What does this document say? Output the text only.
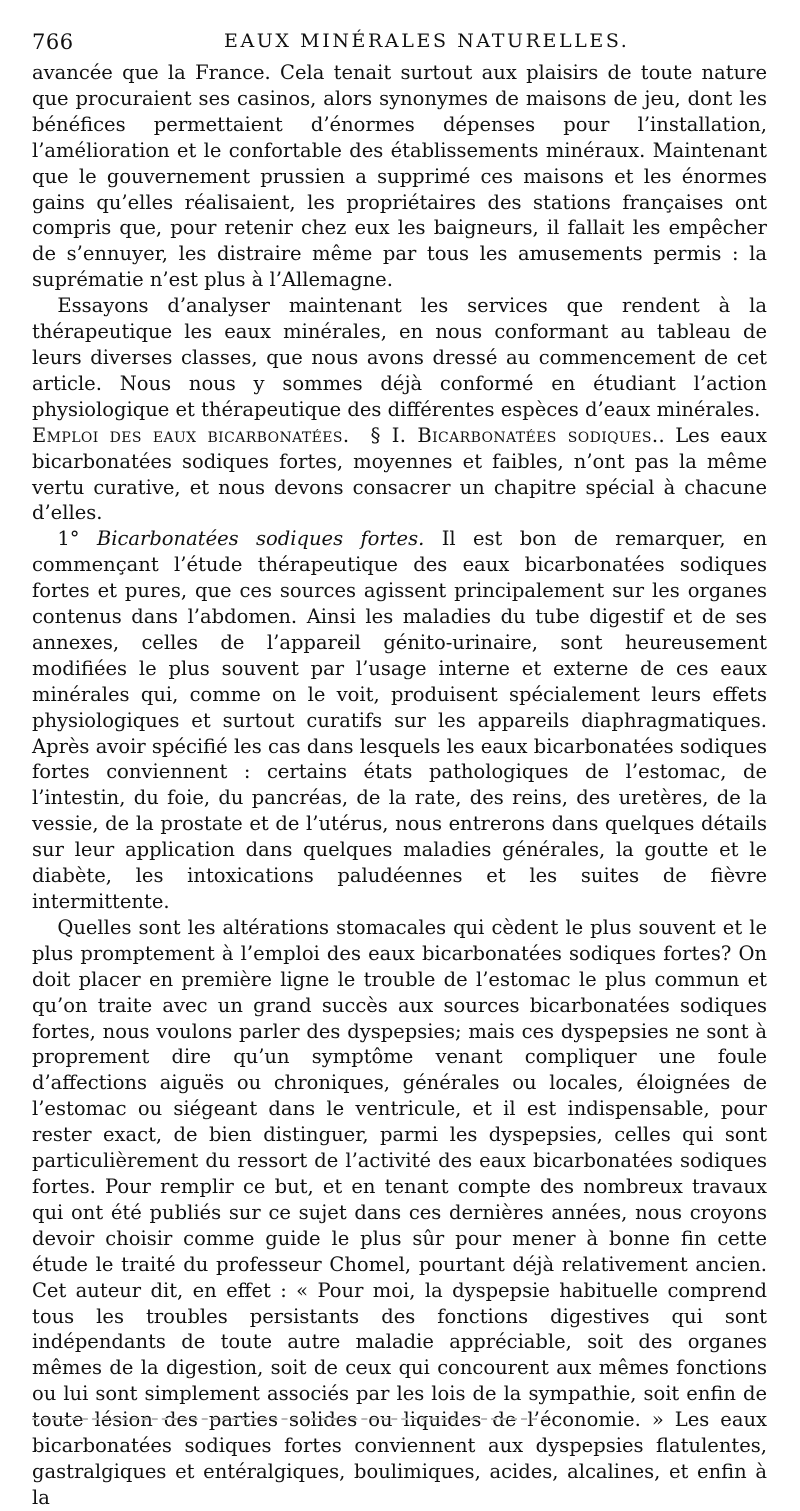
766	EAUX MINÉRALES NATURELLES.

avancée que la France. Cela tenait surtout aux plaisirs de toute nature que procuraient ses casinos, alors synonymes de maisons de jeu, dont les bénéfices permettaient d’énormes dépenses pour l’installation, l’amélioration et le confortable des établissements minéraux. Maintenant que le gouvernement prussien a supprimé ces maisons et les énormes gains qu’elles réalisaient, les propriétaires des stations françaises ont compris que, pour retenir chez eux les baigneurs, il fallait les empêcher de s’ennuyer, les distraire même par tous les amusements permis : la suprématie n’est plus à l’Allemagne.

Essayons d’analyser maintenant les services que rendent à la thérapeutique les eaux minérales, en nous conformant au tableau de leurs diverses classes, que nous avons dressé au commencement de cet article. Nous nous y sommes déjà conformé en étudiant l’action physiologique et thérapeutique des différentes espèces d’eaux minérales.

Emploi des eaux bicarbonatées. § I. Bicarbonatées sodiques.. Les eaux bicarbonatées sodiques fortes, moyennes et faibles, n’ont pas la même vertu curative, et nous devons consacrer un chapitre spécial à chacune d’elles.

1° Bicarbonatées sodiques fortes. Il est bon de remarquer, en commençant l’étude thérapeutique des eaux bicarbonatées sodiques fortes et pures, que ces sources agissent principalement sur les organes contenus dans l’abdomen. Ainsi les maladies du tube digestif et de ses annexes, celles de l’appareil génito-urinaire, sont heureusement modifiées le plus souvent par l’usage interne et externe de ces eaux minérales qui, comme on le voit, produisent spécialement leurs effets physiologiques et surtout curatifs sur les appareils diaphragmatiques. Après avoir spécifié les cas dans lesquels les eaux bicarbonatées sodiques fortes conviennent : certains états pathologiques de l’estomac, de l’intestin, du foie, du pancréas, de la rate, des reins, des uretères, de la vessie, de la prostate et de l’utérus, nous entrerons dans quelques détails sur leur application dans quelques maladies générales, la goutte et le diabète, les intoxications paludéennes et les suites de fièvre intermittente.

Quelles sont les altérations stomacales qui cèdent le plus souvent et le plus promptement à l’emploi des eaux bicarbonatées sodiques fortes? On doit placer en première ligne le trouble de l’estomac le plus commun et qu’on traite avec un grand succès aux sources bicarbonatées sodiques fortes, nous voulons parler des dyspepsies; mais ces dyspepsies ne sont à proprement dire qu’un symptôme venant compliquer une foule d’affections aiguës ou chroniques, générales ou locales, éloignées de l’estomac ou siégeant dans le ventricule, et il est indispensable, pour rester exact, de bien distinguer, parmi les dyspepsies, celles qui sont particulièrement du ressort de l’activité des eaux bicarbonatées sodiques fortes. Pour remplir ce but, et en tenant compte des nombreux travaux qui ont été publiés sur ce sujet dans ces dernières années, nous croyons devoir choisir comme guide le plus sûr pour mener à bonne fin cette étude le traité du professeur Chomel, pourtant déjà relativement ancien. Cet auteur dit, en effet : « Pour moi, la dyspepsie habituelle comprend tous les troubles persistants des fonctions digestives qui sont indépendants de toute autre maladie appréciable, soit des organes mêmes de la digestion, soit de ceux qui concourent aux mêmes fonctions ou lui sont simplement associés par les lois de la sympathie, soit enfin de toute lésion des parties solides ou liquides de l’économie. » Les eaux bicarbonatées sodiques fortes conviennent aux dyspepsies flatulentes, gastralgiques et entéralgiques, boulimiques, acides, alcalines, et enfin à la
